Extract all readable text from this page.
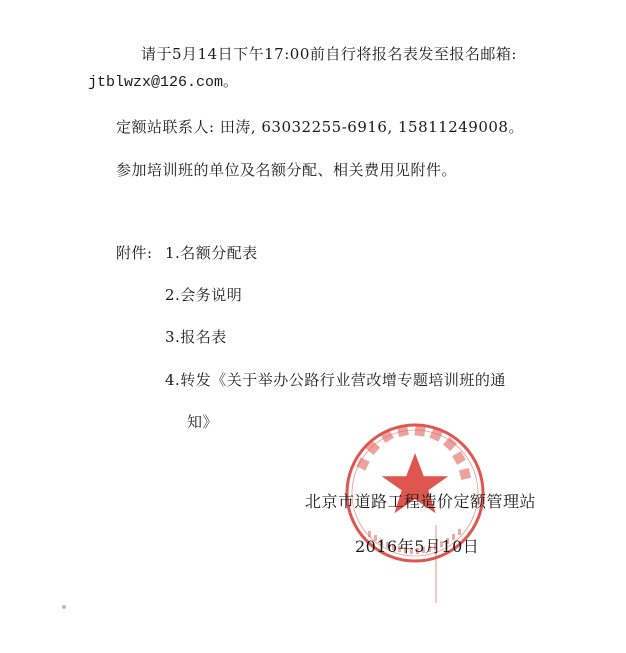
请于5月14日下午17:00前自行将报名表发至报名邮箱:
jtblwzx@126.com。
定额站联系人: 田涛, 63032255-6916, 15811249008。
参加培训班的单位及名额分配、相关费用见附件。
附件: 1.名额分配表
2.会务说明
3.报名表
4.转发《关于举办公路行业营改增专题培训班的通
知》
北京市道路工程造价定额管理站
2016年5月10日
